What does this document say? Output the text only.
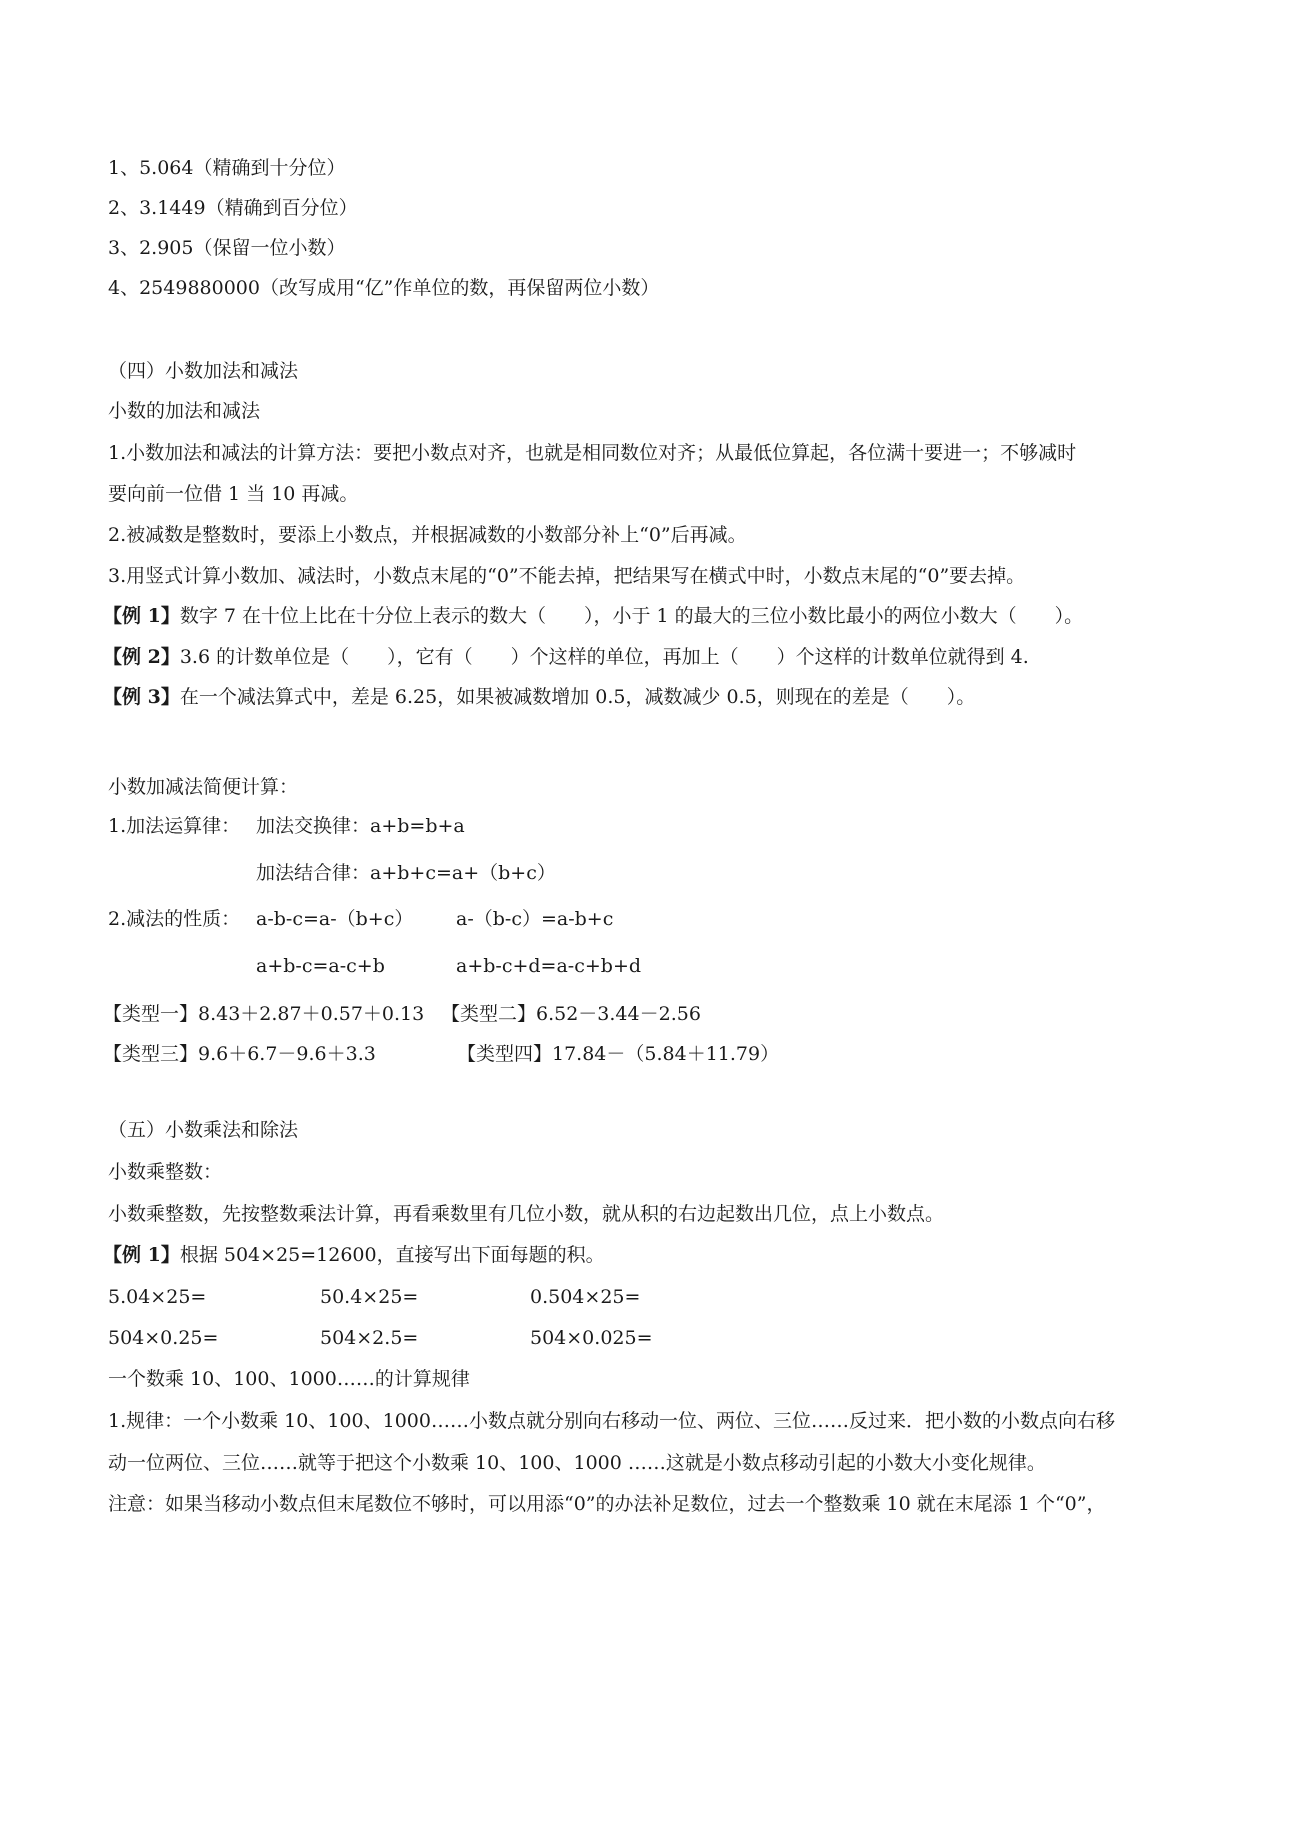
1、5.064（精确到十分位）
2、3.1449（精确到百分位）
3、2.905（保留一位小数）
4、2549880000（改写成用“亿”作单位的数，再保留两位小数）
（四）小数加法和减法
小数的加法和减法
1.小数加法和减法的计算方法：要把小数点对齐，也就是相同数位对齐；从最低位算起，各位满十要进一；不够减时
要向前一位借 1 当 10 再减。
2.被减数是整数时，要添上小数点，并根据减数的小数部分补上“0”后再减。
3.用竖式计算小数加、减法时，小数点末尾的“0”不能去掉，把结果写在横式中时，小数点末尾的“0”要去掉。
【例 1】数字 7 在十位上比在十分位上表示的数大（　　），小于 1 的最大的三位小数比最小的两位小数大（　　）。
【例 2】3.6 的计数单位是（　　），它有（　　）个这样的单位，再加上（　　）个这样的计数单位就得到 4.
【例 3】在一个减法算式中，差是 6.25，如果被减数增加 0.5，减数减少 0.5，则现在的差是（　　）。
小数加减法简便计算：
1.加法运算律： 加法交换律：a+b=b+a
加法结合律：a+b+c=a+（b+c）
2.减法的性质： a-b-c=a-（b+c） a-（b-c）=a-b+c
a+b-c=a-c+b	a+b-c+d=a-c+b+d
【类型一】8.43＋2.87＋0.57＋0.13 【类型二】6.52－3.44－2.56
【类型三】9.6＋6.7－9.6＋3.3	【类型四】17.84－（5.84＋11.79）
（五）小数乘法和除法
小数乘整数：
小数乘整数，先按整数乘法计算，再看乘数里有几位小数，就从积的右边起数出几位，点上小数点。
【例 1】根据 504×25=12600，直接写出下面每题的积。
5.04×25=	50.4×25=	0.504×25=
504×0.25=	504×2.5=	504×0.025=
一个数乘 10、100、1000……的计算规律
1.规律：一个小数乘 10、100、1000……小数点就分别向右移动一位、两位、三位……反过来．把小数的小数点向右移
动一位两位、三位……就等于把这个小数乘 10、100、1000 ……这就是小数点移动引起的小数大小变化规律。
注意：如果当移动小数点但末尾数位不够时，可以用添“0”的办法补足数位，过去一个整数乘 10 就在末尾添 1 个“0”，
